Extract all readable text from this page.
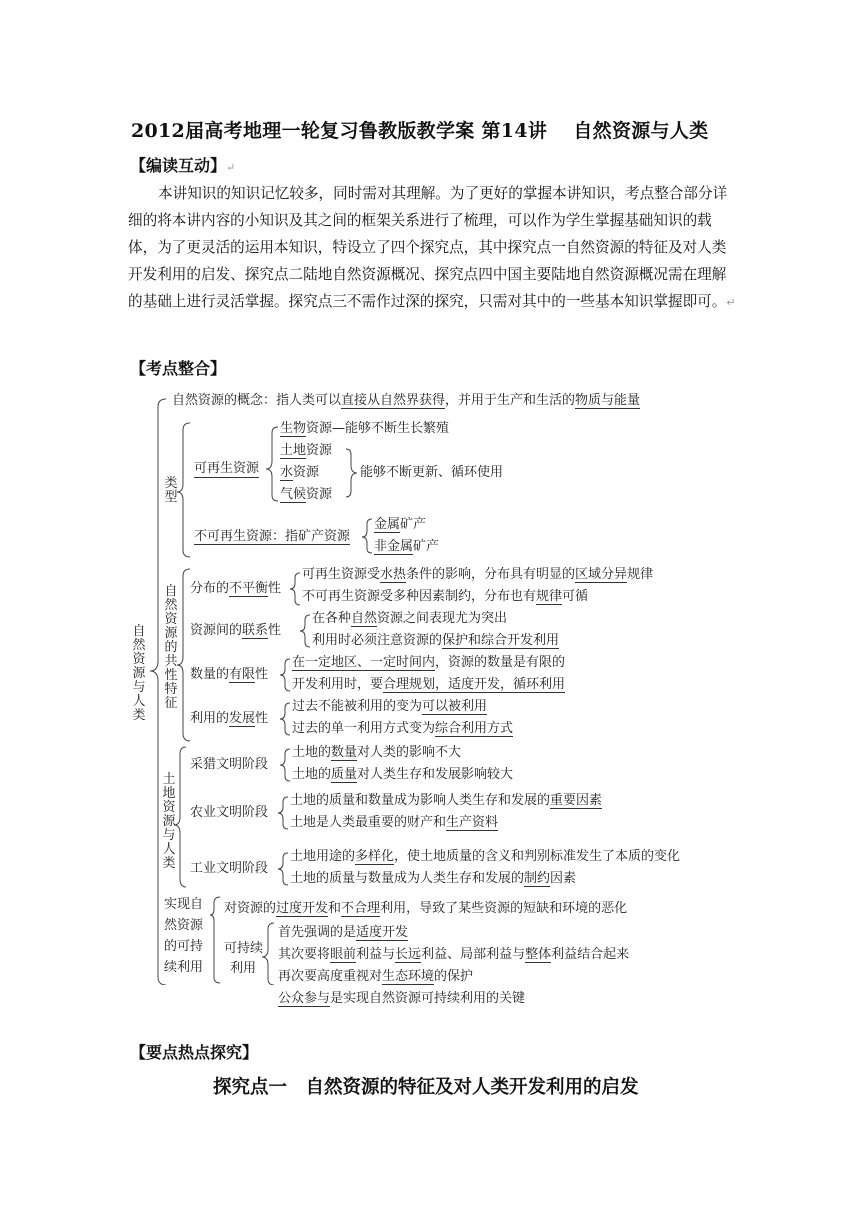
2012届高考地理一轮复习鲁教版教学案 第14讲　 自然资源与人类
【编读互动】↵
本讲知识的知识记忆较多，同时需对其理解。为了更好的掌握本讲知识，考点整合部分详细的将本讲内容的小知识及其之间的框架关系进行了梳理，可以作为学生掌握基础知识的载体，为了更灵活的运用本知识，特设立了四个探究点，其中探究点一自然资源的特征及对人类开发利用的启发、探究点二陆地自然资源概况、探究点四中国主要陆地自然资源概况需在理解的基础上进行灵活掌握。探究点三不需作过深的探究，只需对其中的一些基本知识掌握即可。↵
【考点整合】
自然资源与人类
自然资源的概念：指人类可以直接从自然界获得，并用于生产和生活的物质与能量
类型
可再生资源
生物资源—能够不断生长繁殖
土地资源
水资源
气候资源
能够不断更新、循环使用
不可再生资源：指矿产资源
金属矿产
非金属矿产
自然资源的共性特征
分布的不平衡性
可再生资源受水热条件的影响，分布具有明显的区域分异规律
不可再生资源受多种因素制约，分布也有规律可循
资源间的联系性
在各种自然资源之间表现尤为突出
利用时必须注意资源的保护和综合开发利用
数量的有限性
在一定地区、一定时间内，资源的数量是有限的
开发利用时，要合理规划，适度开发，循环利用
利用的发展性
过去不能被利用的变为可以被利用
过去的单一利用方式变为综合利用方式
土地资源与人类
采猎文明阶段
土地的数量对人类的影响不大
土地的质量对人类生存和发展影响较大
农业文明阶段
土地的质量和数量成为影响人类生存和发展的重要因素
土地是人类最重要的财产和生产资料
工业文明阶段
土地用途的多样化，使土地质量的含义和判别标准发生了本质的变化
土地的质量与数量成为人类生存和发展的制约因素
实现自
然资源
的可持
续利用
对资源的过度开发和不合理利用，导致了某些资源的短缺和环境的恶化
可持续
利用
首先强调的是适度开发
其次要将眼前利益与长远利益、局部利益与整体利益结合起来
再次要高度重视对生态环境的保护
公众参与是实现自然资源可持续利用的关键
【要点热点探究】
探究点一　自然资源的特征及对人类开发利用的启发
